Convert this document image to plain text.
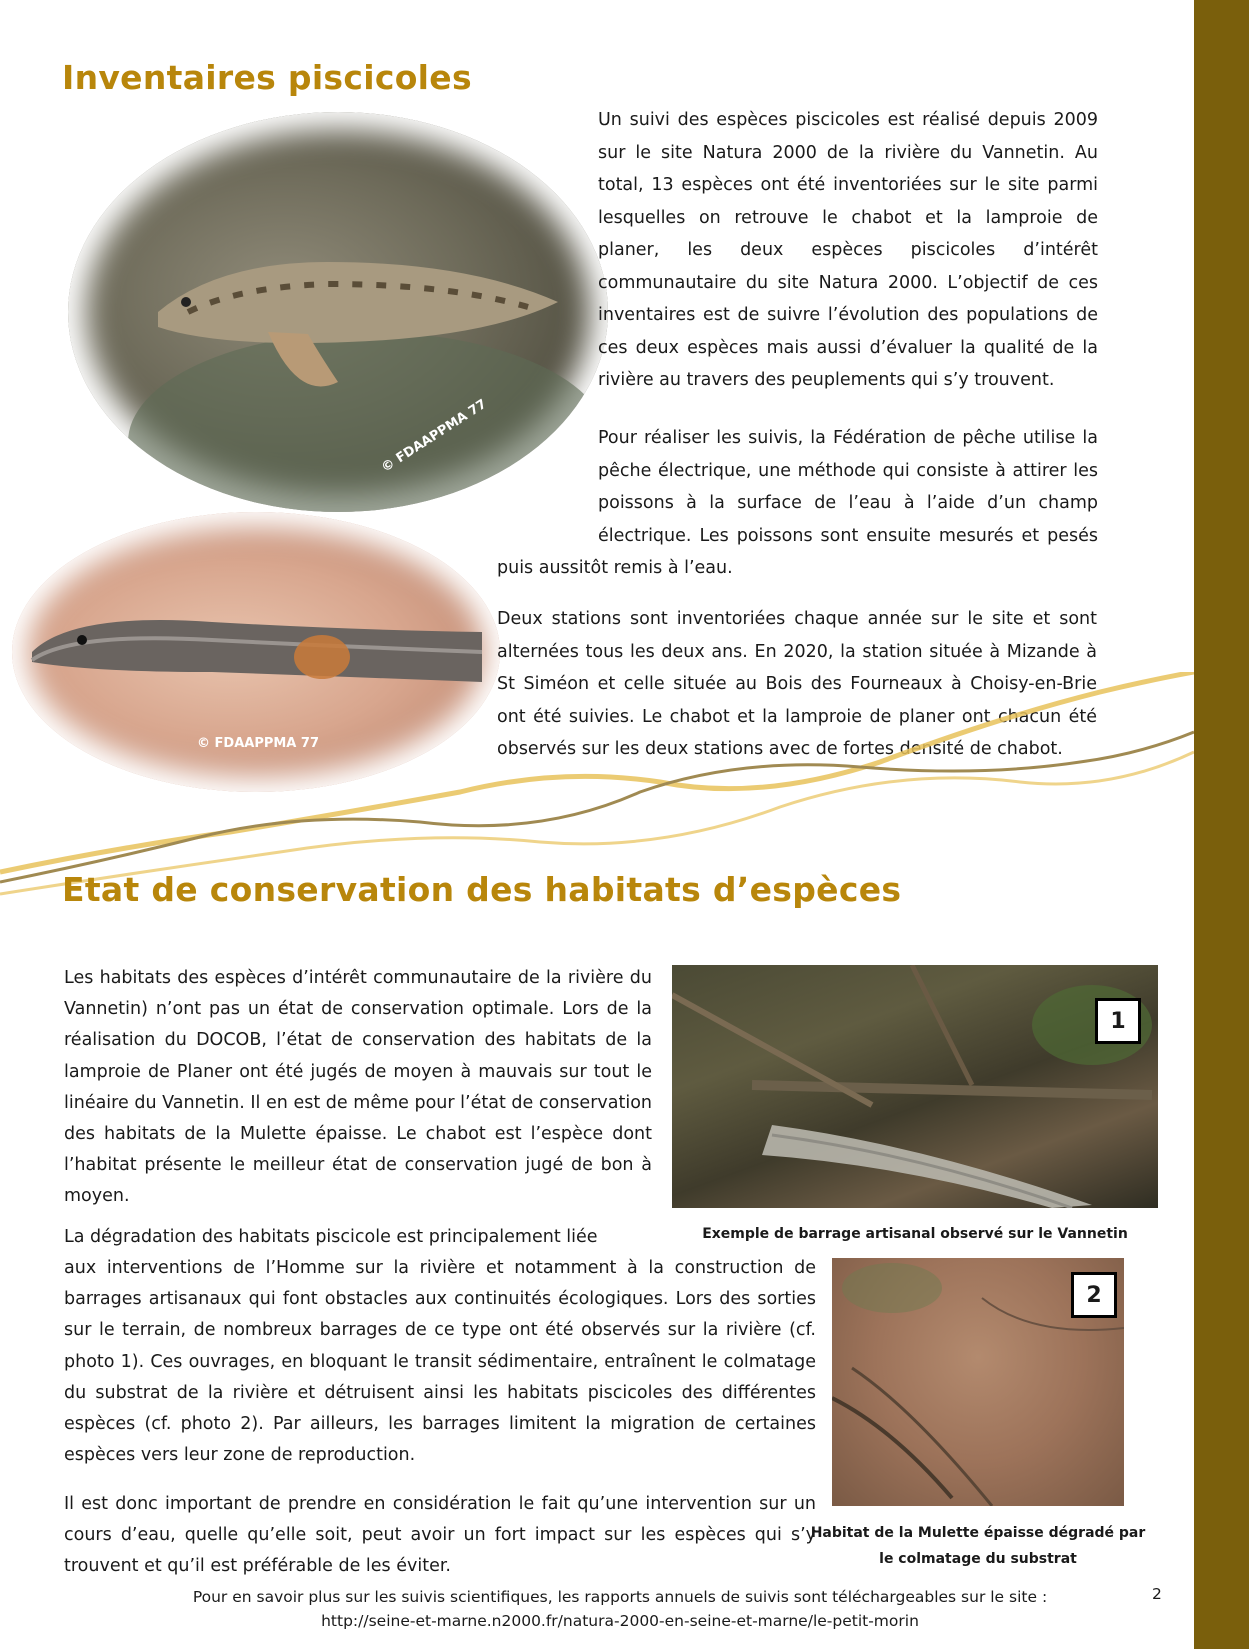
Inventaires piscicoles
© FDAAPPMA 77
© FDAAPPMA 77

Un suivi des espèces piscicoles est réalisé depuis 2009 sur le site Natura 2000 de la rivière du Vannetin. Au total, 13 espèces ont été inventoriées sur le site parmi lesquelles on retrouve le chabot et la lamproie de planer, les deux espèces piscicoles d’intérêt communautaire du site Natura 2000. L’objectif de ces inventaires est de suivre l’évolution des populations de ces deux espèces mais aussi d’évaluer la qualité de la rivière au travers des peuplements qui s’y trouvent.

Pour réaliser les suivis, la Fédération de pêche utilise la pêche électrique, une méthode qui consiste à attirer les poissons à la surface de l’eau à l’aide d’un champ électrique. Les poissons sont ensuite mesurés et pesés

puis aussitôt remis à l’eau.

Deux stations sont inventoriées chaque année sur le site et sont alternées tous les deux ans. En 2020, la station située à Mizande à St Siméon et celle située au Bois des Fourneaux à Choisy-en-Brie ont été suivies. Le chabot et la lamproie de planer ont chacun été observés sur les deux stations avec de fortes densité de chabot.

Etat de conservation des habitats d’espèces

Les habitats des espèces d’intérêt communautaire de la rivière du Vannetin) n’ont pas un état de conservation optimale. Lors de la réalisation du DOCOB, l’état de conservation des habitats de la lamproie de Planer ont été jugés de moyen à mauvais sur tout le linéaire du Vannetin. Il en est de même pour l’état de conservation des habitats de la Mulette épaisse. Le chabot est l’espèce dont l’habitat présente le meilleur état de conservation jugé de bon à moyen.

La dégradation des habitats piscicole est principalement liée

aux interventions de l’Homme sur la rivière et notamment à la construction de barrages artisanaux qui font obstacles aux continuités écologiques. Lors des sorties sur le terrain, de nombreux barrages de ce type ont été observés sur la rivière (cf. photo 1). Ces ouvrages, en bloquant le transit sédimentaire, entraînent le colmatage du substrat de la rivière et détruisent ainsi les habitats piscicoles des différentes espèces (cf. photo 2). Par ailleurs, les barrages limitent la migration de certaines espèces vers leur zone de reproduction.

Il est donc important de prendre en considération le fait qu’une intervention sur un cours d’eau, quelle qu’elle soit, peut avoir un fort impact sur les espèces qui s’y trouvent et qu’il est préférable de les éviter.

1

Exemple de barrage artisanal observé sur le Vannetin

2

Habitat de la Mulette épaisse dégradé par le colmatage du substrat

Pour en savoir plus sur les suivis scientifiques, les rapports annuels de suivis sont téléchargeables sur le site :
http://seine-et-marne.n2000.fr/natura-2000-en-seine-et-marne/le-petit-morin

2
